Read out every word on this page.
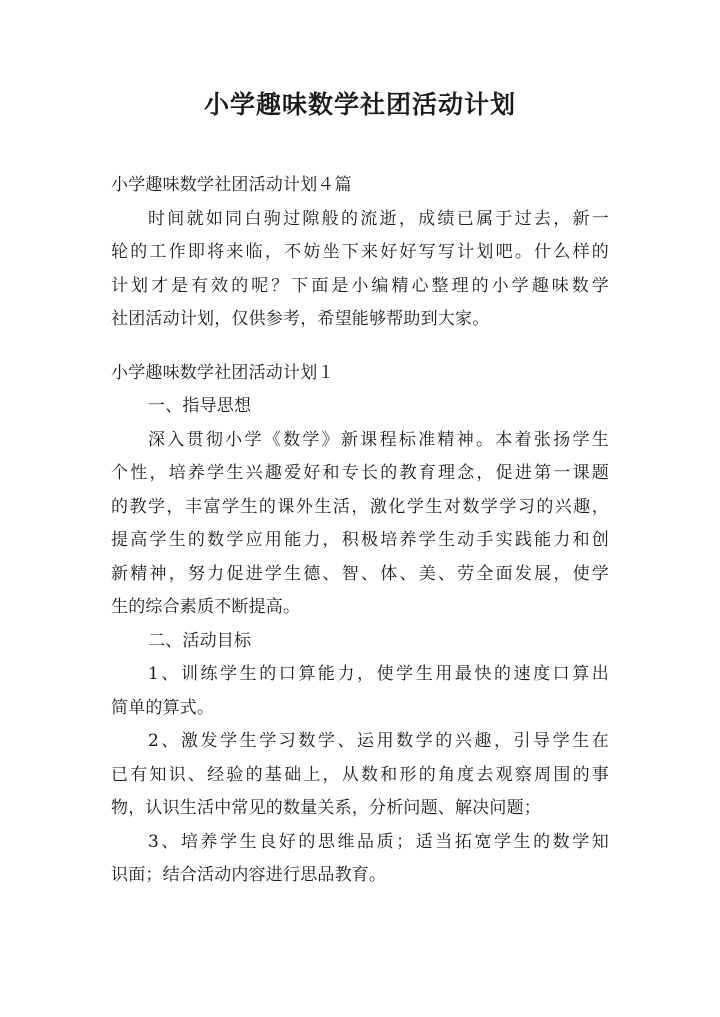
小学趣味数学社团活动计划
小学趣味数学社团活动计划４篇
时间就如同白驹过隙般的流逝，成绩已属于过去，新一
轮的工作即将来临，不妨坐下来好好写写计划吧。什么样的
计划才是有效的呢？下面是小编精心整理的小学趣味数学
社团活动计划，仅供参考，希望能够帮助到大家。
小学趣味数学社团活动计划１
一、指导思想
深入贯彻小学《数学》新课程标准精神。本着张扬学生
个性，培养学生兴趣爱好和专长的教育理念，促进第一课题
的教学，丰富学生的课外生活，激化学生对数学学习的兴趣，
提高学生的数学应用能力，积极培养学生动手实践能力和创
新精神，努力促进学生德、智、体、美、劳全面发展，使学
生的综合素质不断提高。
二、活动目标
1、训练学生的口算能力，使学生用最快的速度口算出
简单的算式。
2、激发学生学习数学、运用数学的兴趣，引导学生在
已有知识、经验的基础上，从数和形的角度去观察周围的事
物，认识生活中常见的数量关系，分析问题、解决问题；
3、培养学生良好的思维品质；适当拓宽学生的数学知
识面；结合活动内容进行思品教育。
